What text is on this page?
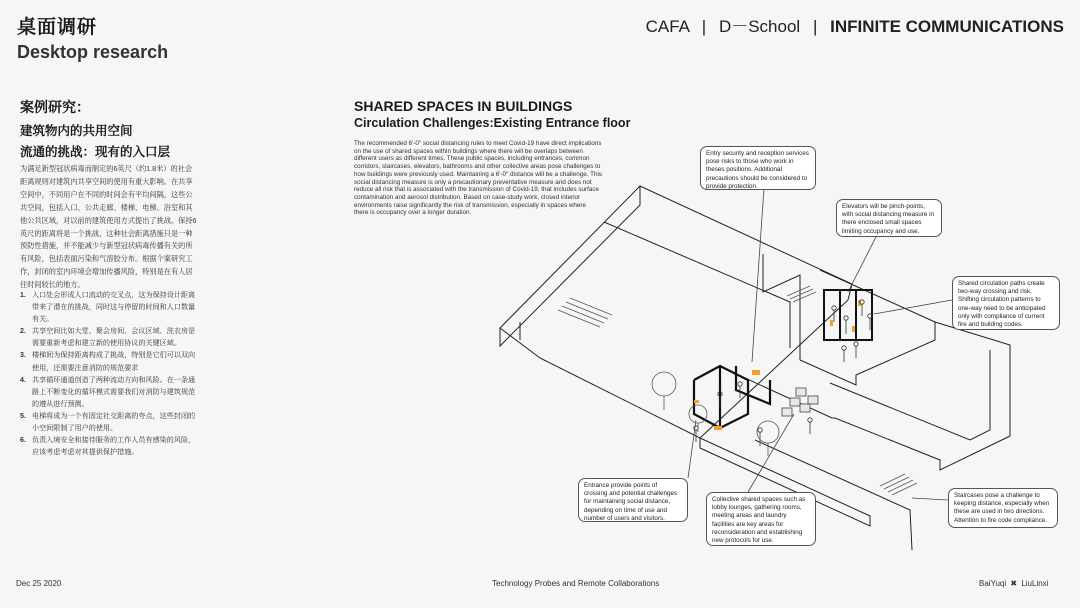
桌面调研
Desktop research
CAFA | D－School | INFINITE COMMUNICATIONS
案例研究：
建筑物内的共用空间
流通的挑战：现有的入口层
为满足新型冠状病毒而制定的6英尺（约1.8米）的社会距离规则对建筑内共享空间的使用有重大影响。在共享空间中，不同用户在不同的时间会有平均间隔，这些公共空间，包括入口、公共走廊、楼梯、电梯、浴室和其他公共区域，对以前的建筑使用方式提出了挑战。保持6英尺的距离将是一个挑战，这种社会距离措施只是一种预防性措施，并不能减少与新型冠状病毒传播有关的所有风险，包括表面污染和气溶胶分布。根据个案研究工作，封闭的室内环境会增加传播风险，特别是在有人居住时间较长的地方。
1. 入口处会形成人口流动的交叉点，这为保持设计距离带来了潜在的挑战，同时这与停留的时间和人口数量有关。
2. 共享空间比如大堂、聚会房间、会议区域、洗衣房是需要重新考虑和建立新的使用协议的关键区域。
3. 楼梯间为保持距离构成了挑战，特别是它们可以双向使用，还需要注意消防的规范要求
4. 共享循环通道创造了两种流动方向和风险。在一条通路上不断变化的循环模式需要我们对消防与建筑规范的遵从进行预测。
5. 电梯将成为一个有固定社交距离的夸点，这些封闭的小空间限制了用户的使用。
6. 负责入境安全和接待服务的工作人员有感染的风险，应该考虑考虑对其提供保护措施。
SHARED SPACES IN BUILDINGS
Circulation Challenges:Existing Entrance floor
The recommended 6'-0" social distancing rules to meet Covid-19 have direct implications on the use of shared spaces within buildings where there will be overlaps between different users as different times. These public spaces, including entrances, common corridors, staircases, elevators, bathrooms and other collective areas pose challenges to how buildings were previously used. Maintaining a 6'-0" distance will be a challenge. This social distancing measure is only a precautionary preventative measure and does not reduce all risk that is associated with the transmission of Covid-19, that includes surface contamination and aerosol distribution. Based on case-study work, closed interior environments raise significantly the risk of transmission, especially in spaces where there is occupancy over a longer duration.
Entry security and reception services pose risks to those who work in theses positions. Additional precautions should be considered to provide protection.
Elevators will be pinch-points, with social distancing measure in there enclosed small spaces limiting occupancy and use.
Shared circulation paths create two-way crossing and risk. Shifting circulation patterns to one-way need to be anticipated only with compliance of current fire and building codes.
Entrance provide points of crossing and potential challenges for maintaining social distance, depending on time of use and number of users and visitors.
Collective shared spaces such as lobby lounges, gathering rooms, meeting areas and laundry facilities are key areas for reconsideration and establishing new protocols for use.
Staircases pose a challenge to keeping distance, especially when these are used in two directions. Attention to fire code compliance.
Dec 25 2020	Technology Probes and Remote Collaborations	BaiYuqi ✖ LiuLinxi
